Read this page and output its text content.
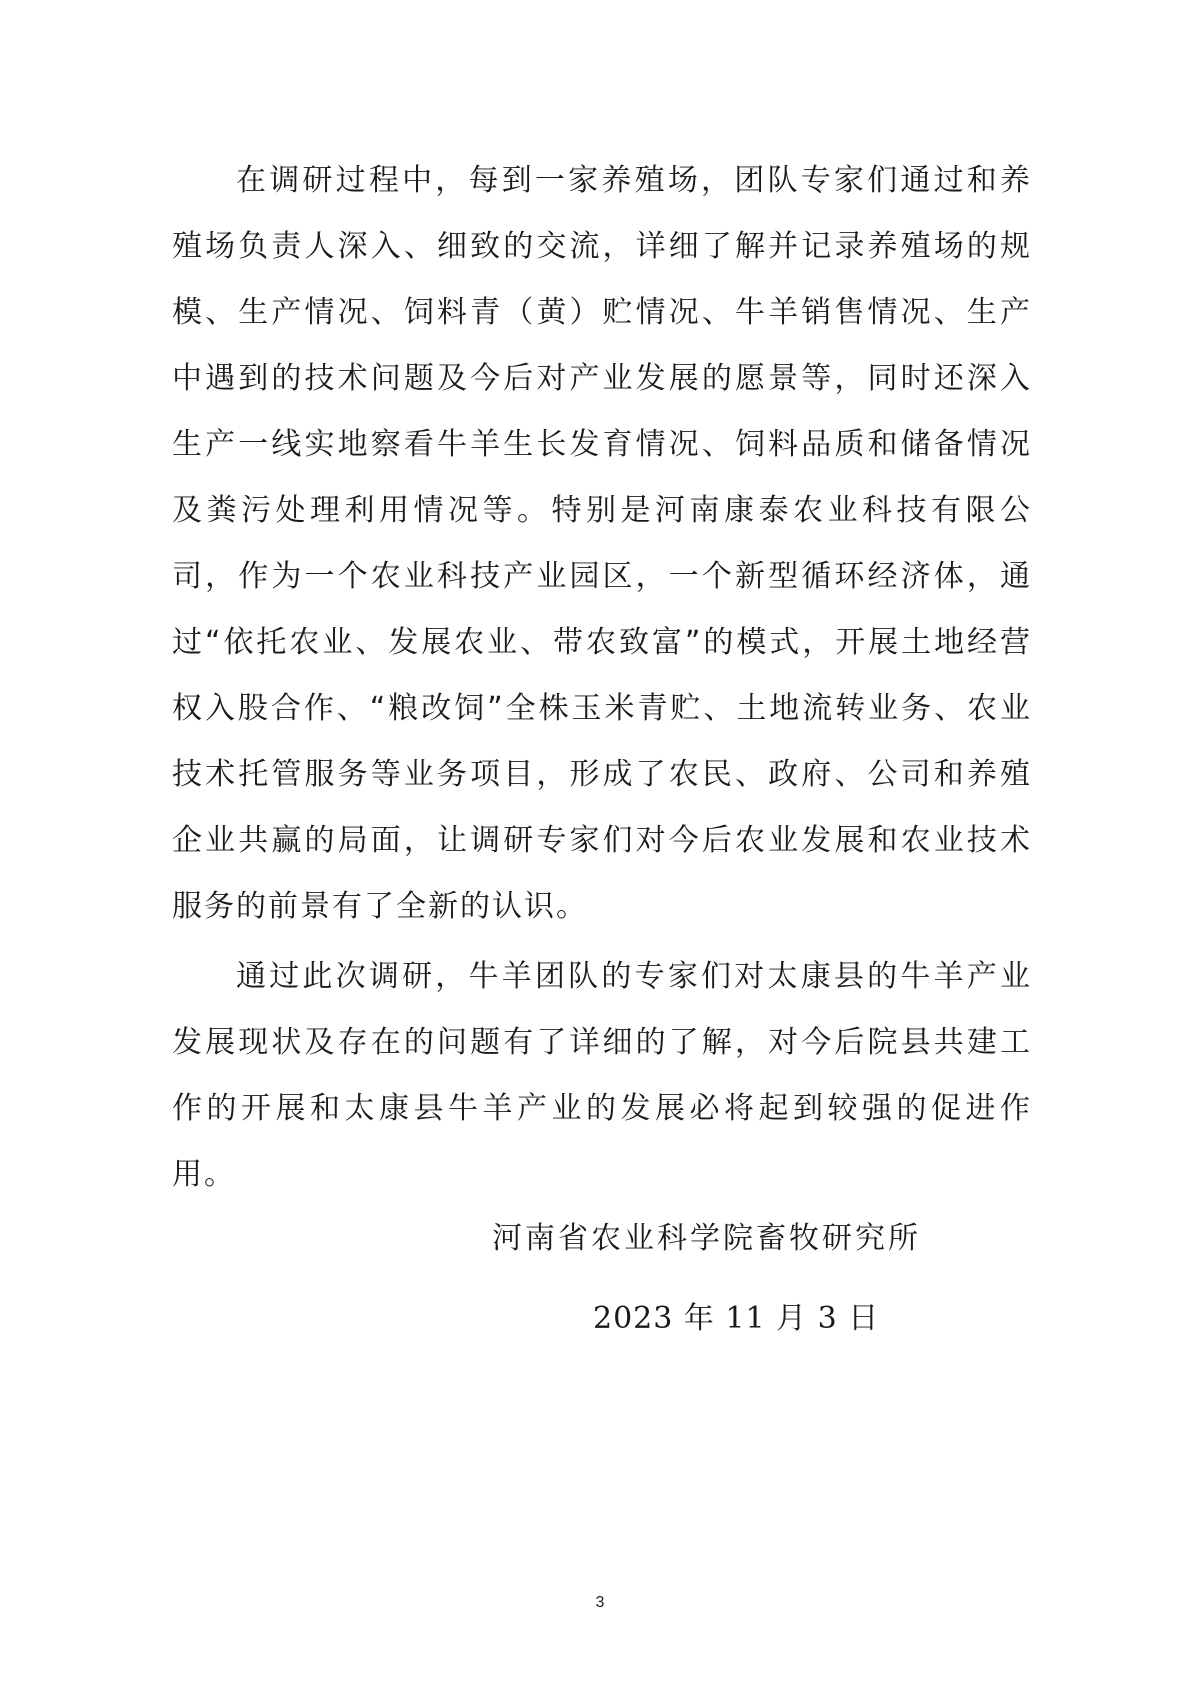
在调研过程中，每到一家养殖场，团队专家们通过和养殖场负责人深入、细致的交流，详细了解并记录养殖场的规模、生产情况、饲料青（黄）贮情况、牛羊销售情况、生产中遇到的技术问题及今后对产业发展的愿景等，同时还深入生产一线实地察看牛羊生长发育情况、饲料品质和储备情况及粪污处理利用情况等。特别是河南康泰农业科技有限公司，作为一个农业科技产业园区，一个新型循环经济体，通过“依托农业、发展农业、带农致富”的模式，开展土地经营权入股合作、“粮改饲”全株玉米青贮、土地流转业务、农业技术托管服务等业务项目，形成了农民、政府、公司和养殖企业共赢的局面，让调研专家们对今后农业发展和农业技术服务的前景有了全新的认识。

通过此次调研，牛羊团队的专家们对太康县的牛羊产业发展现状及存在的问题有了详细的了解，对今后院县共建工作的开展和太康县牛羊产业的发展必将起到较强的促进作用。

河南省农业科学院畜牧研究所
2023 年 11 月 3 日
3
